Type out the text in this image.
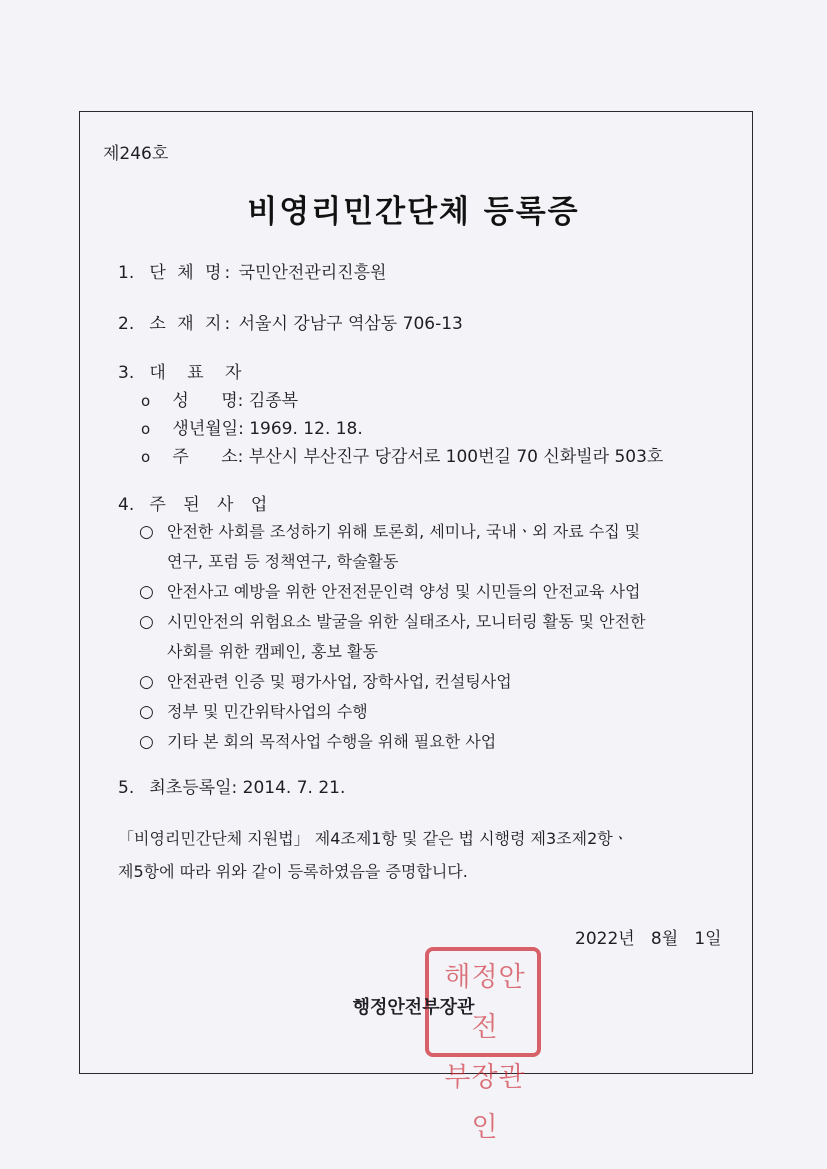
제246호
비영리민간단체 등록증
1. 단 체 명: 국민안전관리진흥원
2. 소 재 지: 서울시 강남구 역삼동 706-13
3. 대 표 자
o 성      명: 김종복
o 생년월일: 1969. 12. 18.
o 주      소: 부산시 부산진구 당감서로 100번길 70 신화빌라 503호
4. 주 된 사 업
○ 안전한 사회를 조성하기 위해 토론회, 세미나, 국내ㆍ외 자료 수집 및
연구, 포럼 등 정책연구, 학술활동
○ 안전사고 예방을 위한 안전전문인력 양성 및 시민들의 안전교육 사업
○ 시민안전의 위험요소 발굴을 위한 실태조사, 모니터링 활동 및 안전한
사회를 위한 캠페인, 홍보 활동
○ 안전관련 인증 및 평가사업, 장학사업, 컨설팅사업
○ 정부 및 민간위탁사업의 수행
○ 기타 본 회의 목적사업 수행을 위해 필요한 사업
5. 최초등록일: 2014. 7. 21.
「비영리민간단체 지원법」 제4조제1항 및 같은 법 시행령 제3조제2항ㆍ
제5항에 따라 위와 같이 등록하였음을 증명합니다.
2022년   8월   1일
해정안전
부장관인
행정안전부장관
